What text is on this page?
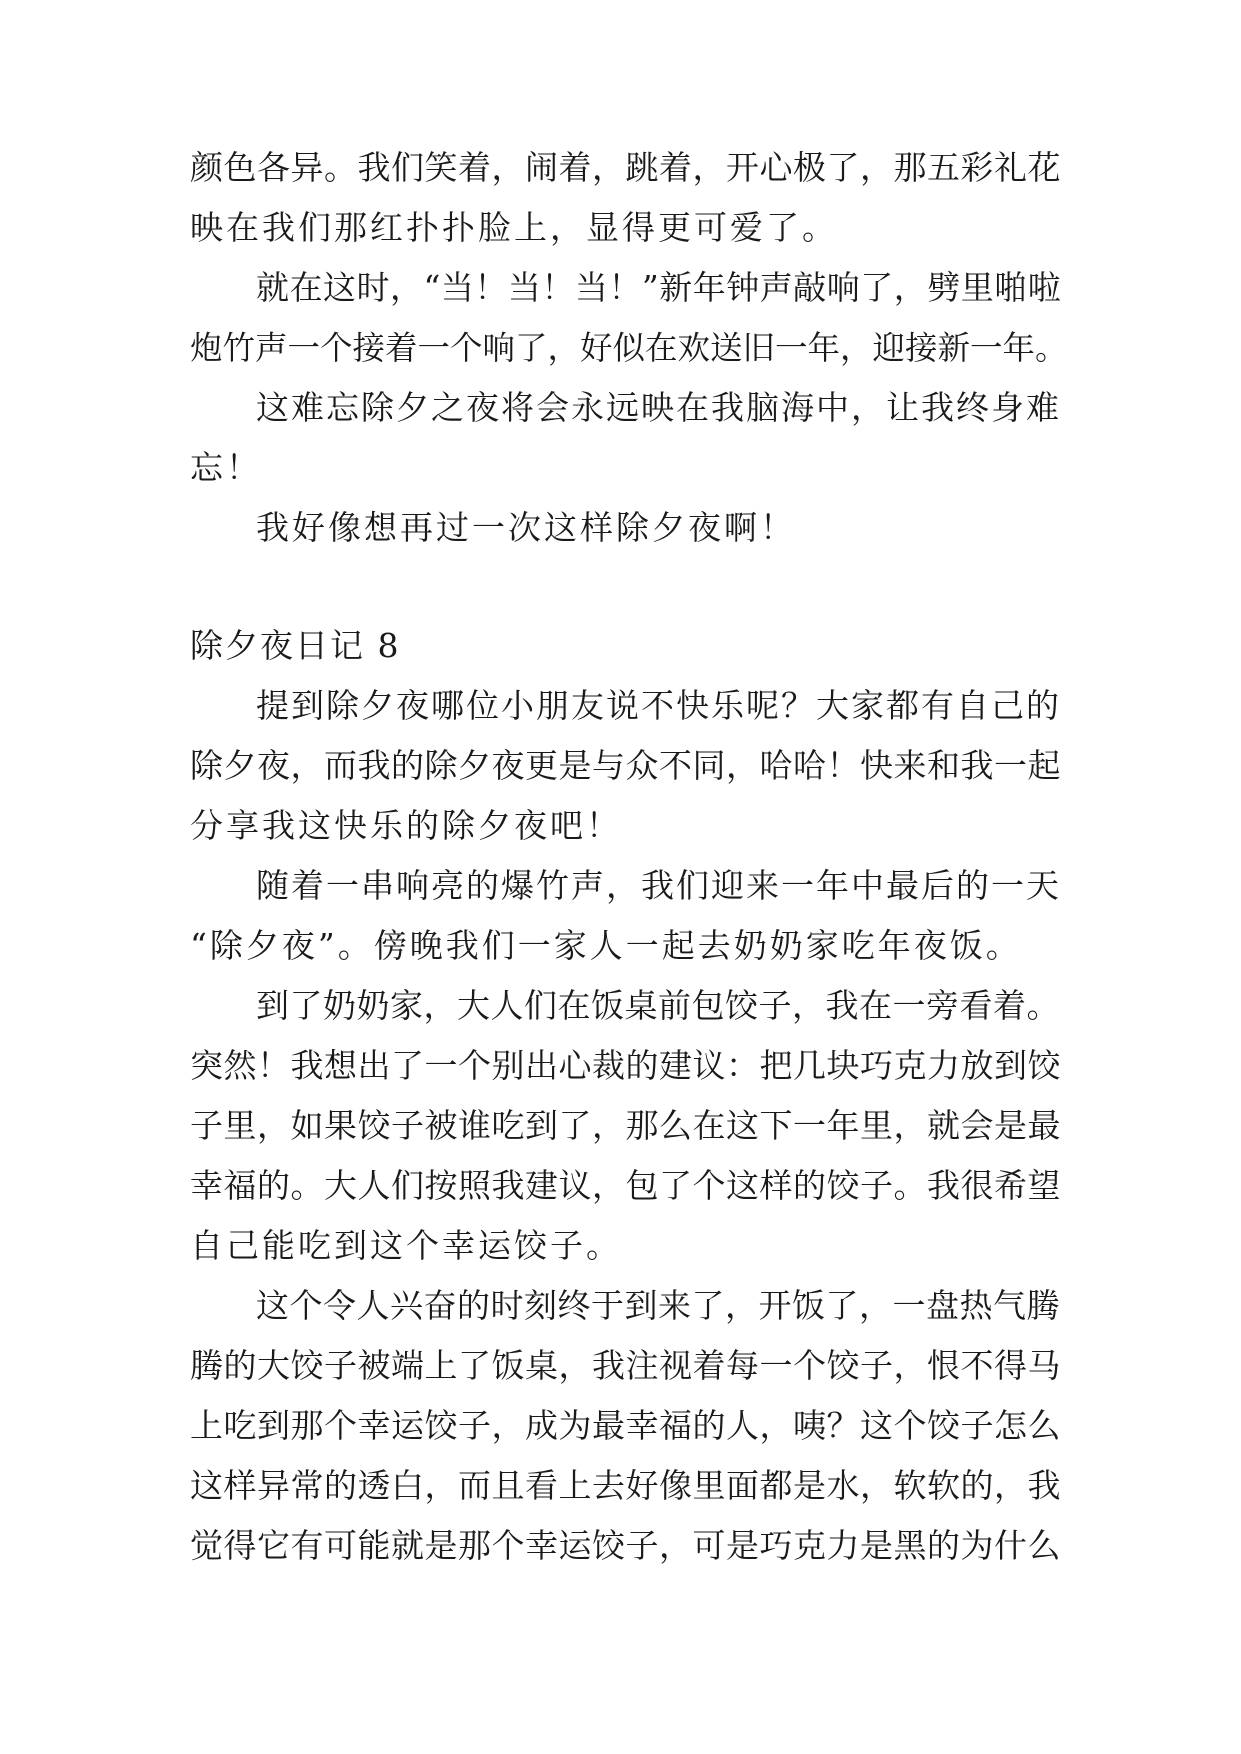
颜色各异。我们笑着，闹着，跳着，开心极了，那五彩礼花
映在我们那红扑扑脸上，显得更可爱了。
就在这时，“当！当！当！”新年钟声敲响了，劈里啪啦
炮竹声一个接着一个响了，好似在欢送旧一年，迎接新一年。
这难忘除夕之夜将会永远映在我脑海中，让我终身难
忘！
我好像想再过一次这样除夕夜啊！
除夕夜日记 8
提到除夕夜哪位小朋友说不快乐呢？大家都有自己的
除夕夜，而我的除夕夜更是与众不同，哈哈！快来和我一起
分享我这快乐的除夕夜吧！
随着一串响亮的爆竹声，我们迎来一年中最后的一天
“除夕夜”。傍晚我们一家人一起去奶奶家吃年夜饭。
到了奶奶家，大人们在饭桌前包饺子，我在一旁看着。
突然！我想出了一个别出心裁的建议：把几块巧克力放到饺
子里，如果饺子被谁吃到了，那么在这下一年里，就会是最
幸福的。大人们按照我建议，包了个这样的饺子。我很希望
自己能吃到这个幸运饺子。
这个令人兴奋的时刻终于到来了，开饭了，一盘热气腾
腾的大饺子被端上了饭桌，我注视着每一个饺子，恨不得马
上吃到那个幸运饺子，成为最幸福的人，咦？这个饺子怎么
这样异常的透白，而且看上去好像里面都是水，软软的，我
觉得它有可能就是那个幸运饺子，可是巧克力是黑的为什么
